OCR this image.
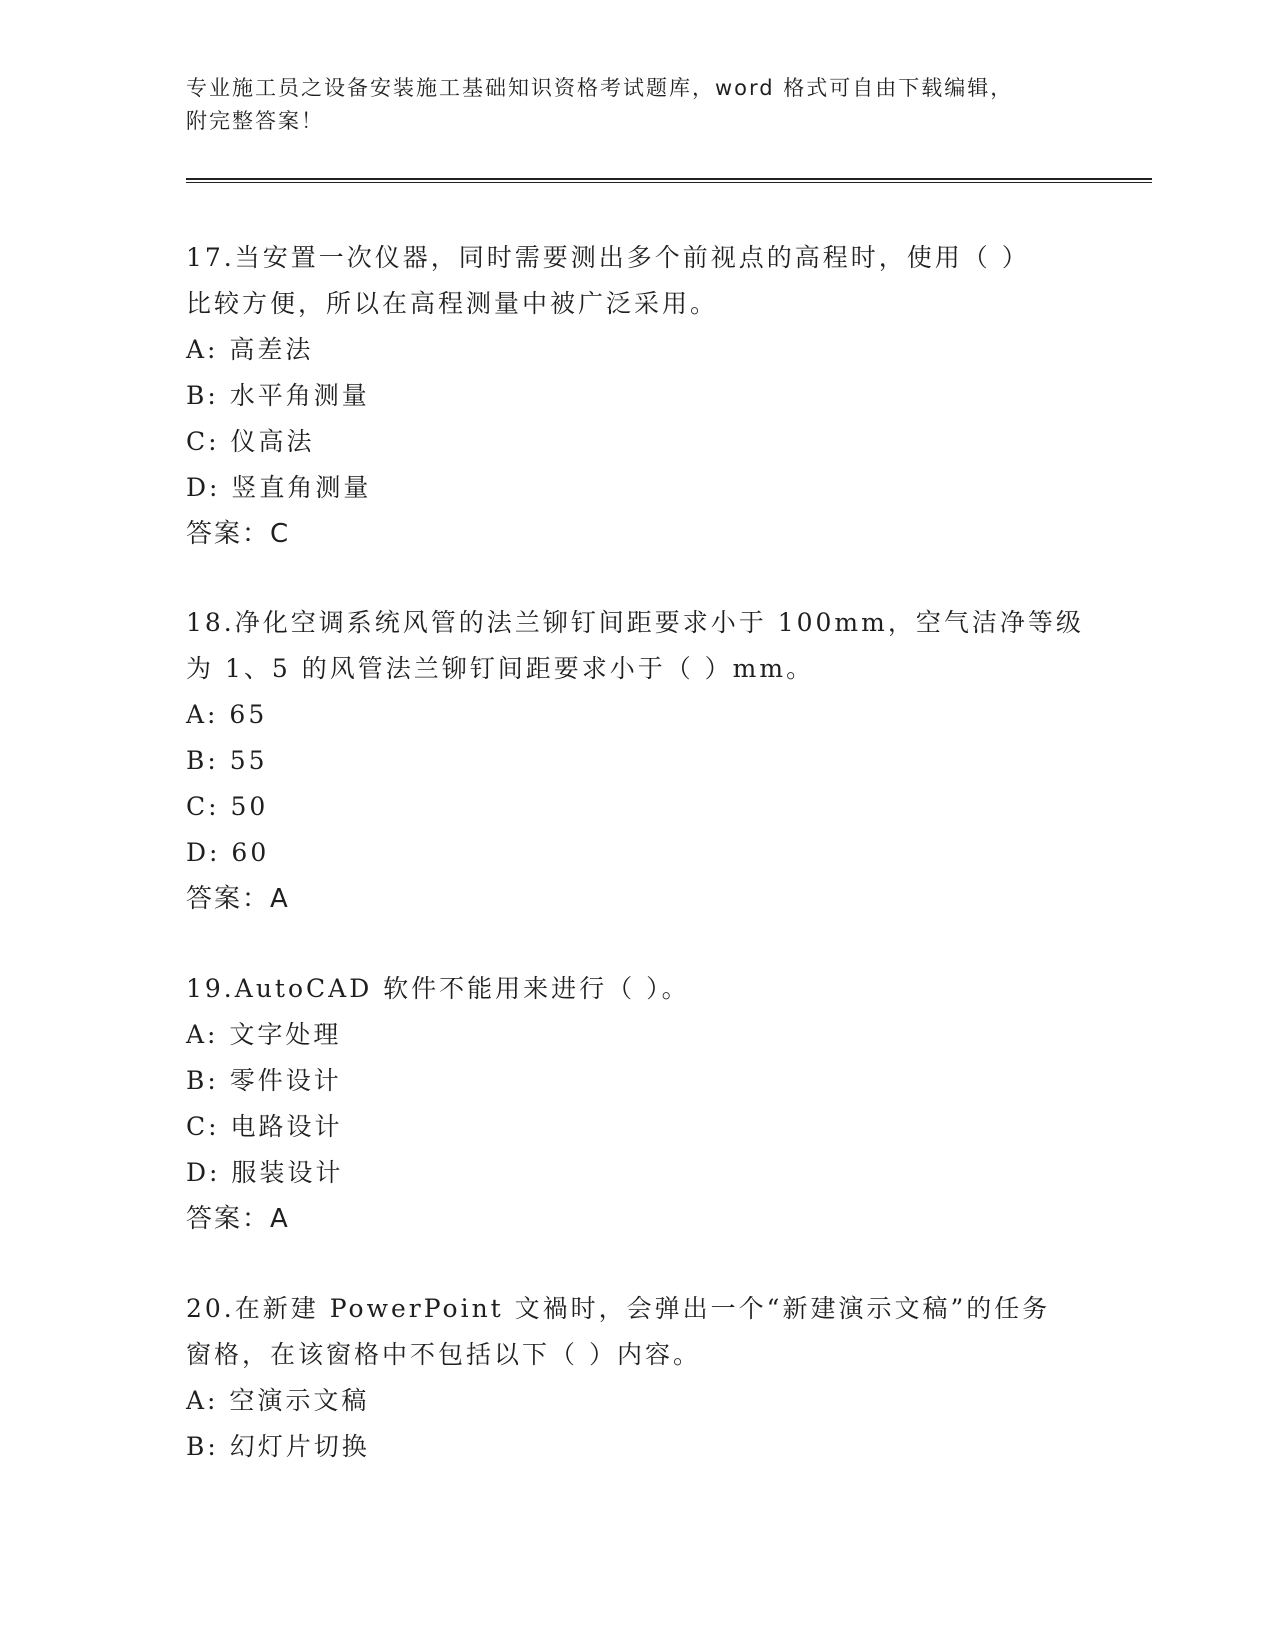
专业施工员之设备安装施工基础知识资格考试题库，word 格式可自由下载编辑，
附完整答案！
17.当安置一次仪器，同时需要测出多个前视点的高程时，使用（ ）
比较方便，所以在高程测量中被广泛采用。
A: 高差法
B: 水平角测量
C: 仪高法
D: 竖直角测量
答案：C
18.净化空调系统风管的法兰铆钉间距要求小于 100mm，空气洁净等级
为 1、5 的风管法兰铆钉间距要求小于（ ）mm。
A: 65
B: 55
C: 50
D: 60
答案：A
19.AutoCAD 软件不能用来进行（ ）。
A: 文字处理
B: 零件设计
C: 电路设计
D: 服装设计
答案：A
20.在新建 PowerPoint 文禍时，会弹出一个“新建演示文稿”的任务
窗格，在该窗格中不包括以下（ ）内容。
A: 空演示文稿
B: 幻灯片切换
